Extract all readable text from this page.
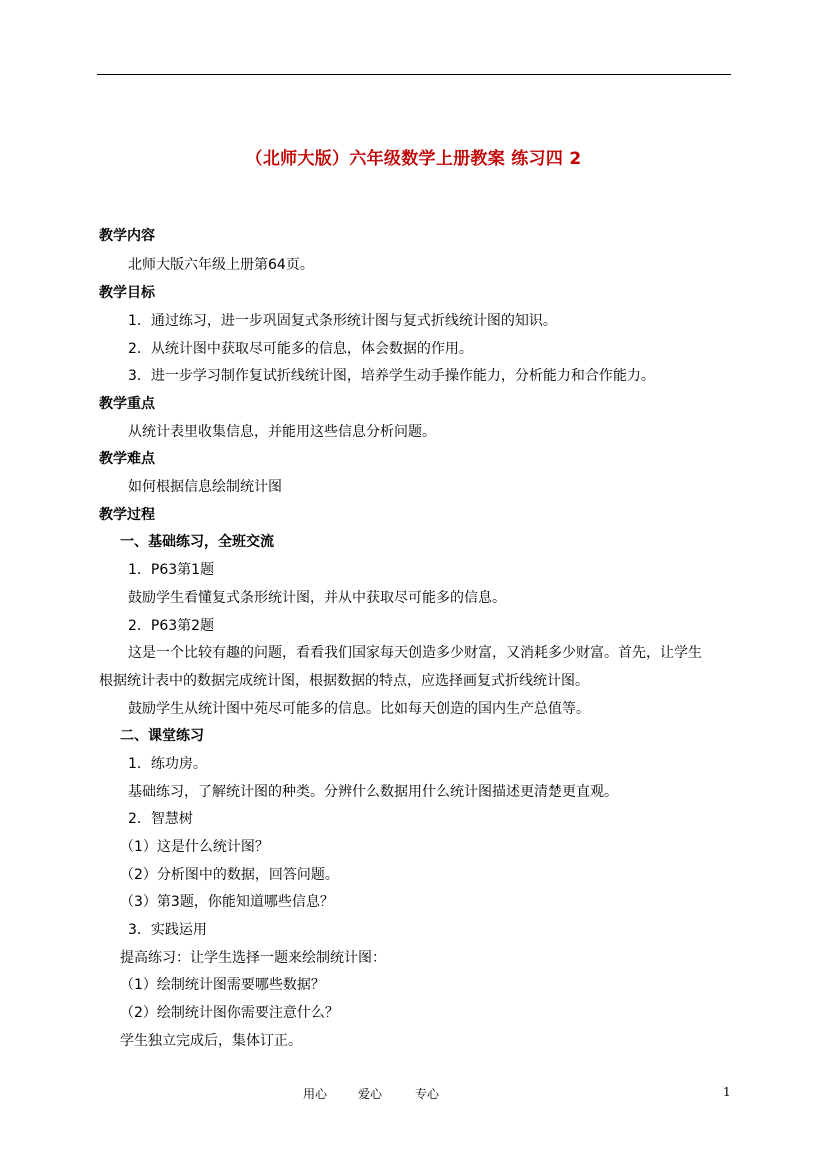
（北师大版）六年级数学上册教案 练习四 2
教学内容
北师大版六年级上册第64页。
教学目标
1．通过练习，进一步巩固复式条形统计图与复式折线统计图的知识。
2．从统计图中获取尽可能多的信息，体会数据的作用。
3．进一步学习制作复试折线统计图，培养学生动手操作能力，分析能力和合作能力。
教学重点
从统计表里收集信息，并能用这些信息分析问题。
教学难点
如何根据信息绘制统计图
教学过程
一、基础练习，全班交流
1．P63第1题
鼓励学生看懂复式条形统计图，并从中获取尽可能多的信息。
2．P63第2题
这是一个比较有趣的问题，看看我们国家每天创造多少财富，又消耗多少财富。首先，让学生
根据统计表中的数据完成统计图，根据数据的特点，应选择画复式折线统计图。
鼓励学生从统计图中苑尽可能多的信息。比如每天创造的国内生产总值等。
二、课堂练习
1．练功房。
基础练习，了解统计图的种类。分辨什么数据用什么统计图描述更清楚更直观。
2．智慧树
（1）这是什么统计图？
（2）分析图中的数据，回答问题。
（3）第3题，你能知道哪些信息？
3．实践运用
提高练习：让学生选择一题来绘制统计图：
（1）绘制统计图需要哪些数据？
（2）绘制统计图你需要注意什么？
学生独立完成后，集体订正。
用心	爱心	专心	1
